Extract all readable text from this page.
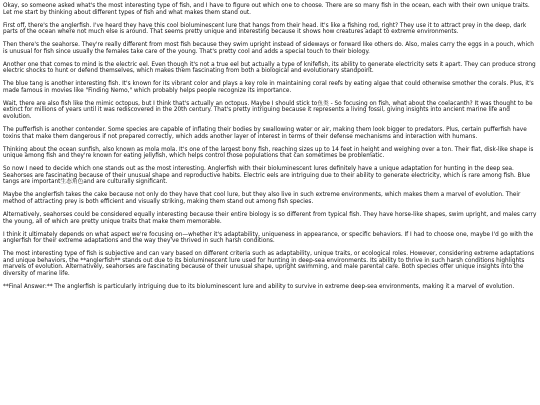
Okay, so someone asked what's the most interesting type of fish, and I have to figure out which one to choose. There are so many fish in the ocean, each with their own unique traits. Let me start by thinking about different types of fish and what makes them stand out.

First off, there's the anglerfish. I've heard they have this cool bioluminescent lure that hangs from their head. It's like a fishing rod, right? They use it to attract prey in the deep, dark parts of the ocean where not much else is around. That seems pretty unique and interesting because it shows how creatures adapt to extreme environments.

Then there's the seahorse. They're really different from most fish because they swim upright instead of sideways or forward like others do. Also, males carry the eggs in a pouch, which is unusual for fish since usually the females take care of the young. That's pretty cool and adds a special touch to their biology.

Another one that comes to mind is the electric eel. Even though it's not a true eel but actually a type of knifefish, its ability to generate electricity sets it apart. They can produce strong electric shocks to hunt or defend themselves, which makes them fascinating from both a biological and evolutionary standpoint.

The blue tang is another interesting fish. It's known for its vibrant color and plays a key role in maintaining coral reefs by eating algae that could otherwise smother the corals. Plus, it's made famous in movies like "Finding Nemo," which probably helps people recognize its importance.

Wait, there are also fish like the mimic octopus, but I think that's actually an octopus. Maybe I should stick to鱼类 - So focusing on fish, what about the coelacanth? It was thought to be extinct for millions of years until it was rediscovered in the 20th century. That's pretty intriguing because it represents a living fossil, giving insights into ancient marine life and evolution.

The pufferfish is another contender. Some species are capable of inflating their bodies by swallowing water or air, making them look bigger to predators. Plus, certain pufferfish have toxins that make them dangerous if not prepared correctly, which adds another layer of interest in terms of their defense mechanisms and interaction with humans.

Thinking about the ocean sunfish, also known as mola mola. It's one of the largest bony fish, reaching sizes up to 14 feet in height and weighing over a ton. Their flat, disk-like shape is unique among fish and they're known for eating jellyfish, which helps control those populations that can sometimes be problematic.

So now I need to decide which one stands out as the most interesting. Anglerfish with their bioluminescent lures definitely have a unique adaptation for hunting in the deep sea. Seahorses are fascinating because of their unusual shape and reproductive habits. Electric eels are intriguing due to their ability to generate electricity, which is rare among fish. Blue tangs are important生态角色and are culturally significant.

Maybe the anglerfish takes the cake because not only do they have that cool lure, but they also live in such extreme environments, which makes them a marvel of evolution. Their method of attracting prey is both efficient and visually striking, making them stand out among fish species.

Alternatively, seahorses could be considered equally interesting because their entire biology is so different from typical fish. They have horse-like shapes, swim upright, and males carry the young, all of which are pretty unique traits that make them memorable.

I think it ultimately depends on what aspect we're focusing on—whether it's adaptability, uniqueness in appearance, or specific behaviors. If I had to choose one, maybe I'd go with the anglerfish for their extreme adaptations and the way they've thrived in such harsh conditions.

The most interesting type of fish is subjective and can vary based on different criteria such as adaptability, unique traits, or ecological roles. However, considering extreme adaptations and unique behaviors, the **anglerfish** stands out due to its bioluminescent lure used for hunting in deep-sea environments. Its ability to thrive in such harsh conditions highlights marvels of evolution. Alternatively, seahorses are fascinating because of their unusual shape, upright swimming, and male parental care. Both species offer unique insights into the diversity of marine life.

**Final Answer:** The anglerfish is particularly intriguing due to its bioluminescent lure and ability to survive in extreme deep-sea environments, making it a marvel of evolution.
